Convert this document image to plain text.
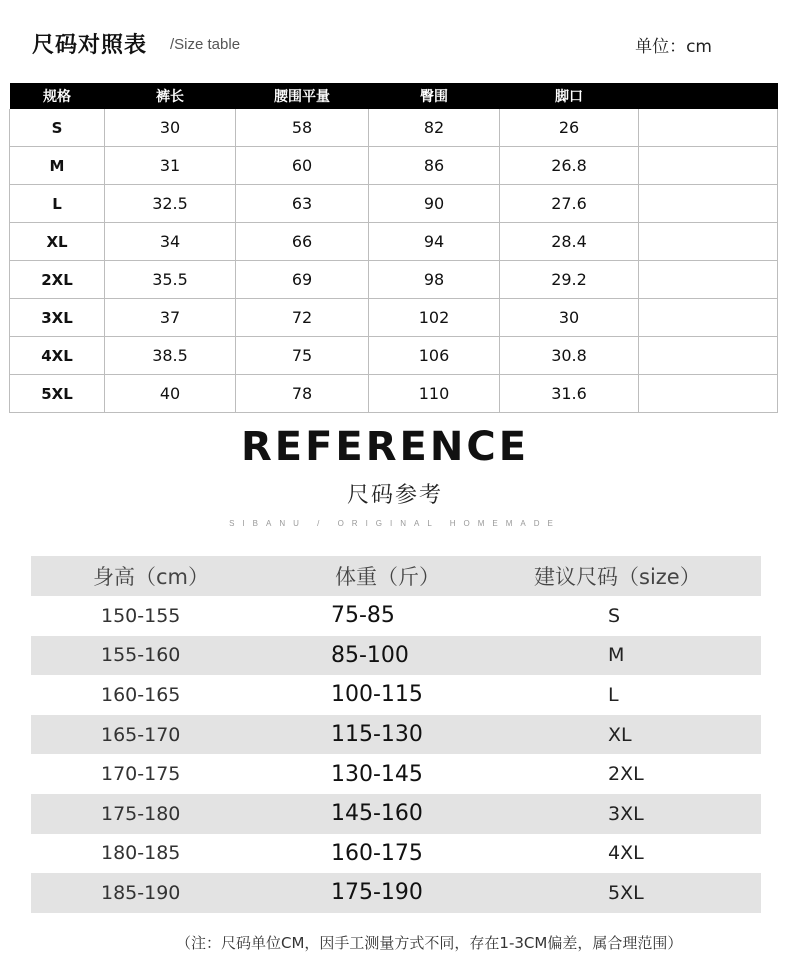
尺码对照表 /Size table	单位：cm
规格	裤长	腰围平量	臀围	脚口	
S	30	58	82	26	
M	31	60	86	26.8	
L	32.5	63	90	27.6	
XL	34	66	94	28.4	
2XL	35.5	69	98	29.2	
3XL	37	72	102	30	
4XL	38.5	75	106	30.8	
5XL	40	78	110	31.6	
REFERENCE
尺码参考
SIBANU / ORIGINAL HOMEMADE
身高（cm）	体重（斤）	建议尺码（size）
150-155	75-85	S
155-160	85-100	M
160-165	100-115	L
165-170	115-130	XL
170-175	130-145	2XL
175-180	145-160	3XL
180-185	160-175	4XL
185-190	175-190	5XL
（注：尺码单位CM，因手工测量方式不同，存在1-3CM偏差，属合理范围）
